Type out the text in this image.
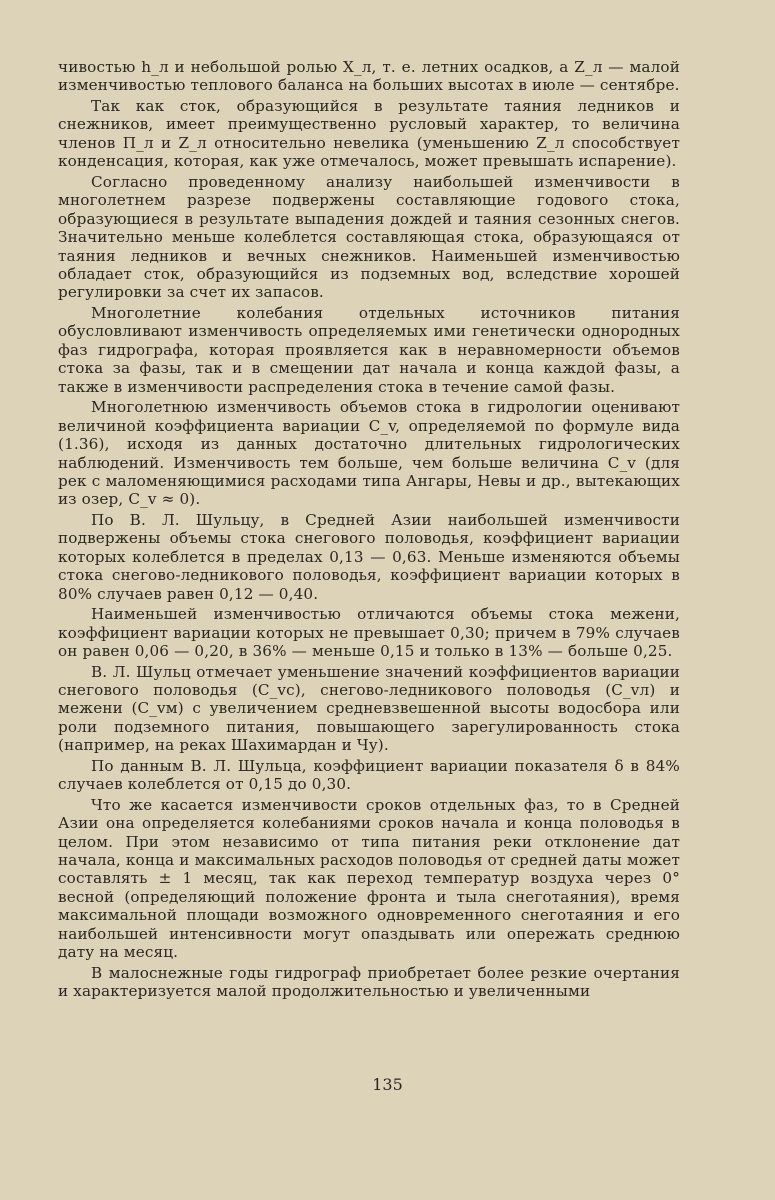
чивостью h_л и небольшой ролью X_л, т. е. летних осадков, а Z_л — малой изменчивостью теплового баланса на больших высотах в июле — сентябре.

Так как сток, образующийся в результате таяния ледников и снежников, имеет преимущественно русловый характер, то величина членов П_л и Z_л относительно невелика (уменьшению Z_л способствует конденсация, которая, как уже отмечалось, может превышать испарение).

Согласно проведенному анализу наибольшей изменчивости в многолетнем разрезе подвержены составляющие годового стока, образующиеся в результате выпадения дождей и таяния сезонных снегов. Значительно меньше колеблется составляющая стока, образующаяся от таяния ледников и вечных снежников. Наименьшей изменчивостью обладает сток, образующийся из подземных вод, вследствие хорошей регулировки за счет их запасов.

Многолетние колебания отдельных источников питания обусловливают изменчивость определяемых ими генетически однородных фаз гидрографа, которая проявляется как в неравномерности объемов стока за фазы, так и в смещении дат начала и конца каждой фазы, а также в изменчивости распределения стока в течение самой фазы.

Многолетнюю изменчивость объемов стока в гидрологии оценивают величиной коэффициента вариации C_v, определяемой по формуле вида (1.36), исходя из данных достаточно длительных гидрологических наблюдений. Изменчивость тем больше, чем больше величина C_v (для рек с маломеняющимися расходами типа Ангары, Невы и др., вытекающих из озер, C_v ≈ 0).

По В. Л. Шульцу, в Средней Азии наибольшей изменчивости подвержены объемы стока снегового половодья, коэффициент вариации которых колеблется в пределах 0,13 — 0,63. Меньше изменяются объемы стока снегово-ледникового половодья, коэффициент вариации которых в 80% случаев равен 0,12 — 0,40.

Наименьшей изменчивостью отличаются объемы стока межени, коэффициент вариации которых не превышает 0,30; причем в 79% случаев он равен 0,06 — 0,20, в 36% — меньше 0,15 и только в 13% — больше 0,25.

В. Л. Шульц отмечает уменьшение значений коэффициентов вариации снегового половодья (C_vc), снегово-ледникового половодья (C_vл) и межени (C_vм) с увеличением средневзвешенной высоты водосбора или роли подземного питания, повышающего зарегулированность стока (например, на реках Шахимардан и Чу).

По данным В. Л. Шульца, коэффициент вариации показателя δ в 84% случаев колеблется от 0,15 до 0,30.

Что же касается изменчивости сроков отдельных фаз, то в Средней Азии она определяется колебаниями сроков начала и конца половодья в целом. При этом независимо от типа питания реки отклонение дат начала, конца и максимальных расходов половодья от средней даты может составлять ± 1 месяц, так как переход температур воздуха через 0° весной (определяющий положение фронта и тыла снеготаяния), время максимальной площади возможного одновременного снеготаяния и его наибольшей интенсивности могут опаздывать или опережать среднюю дату на месяц.

В малоснежные годы гидрограф приобретает более резкие очертания и характеризуется малой продолжительностью и увеличенными

135
